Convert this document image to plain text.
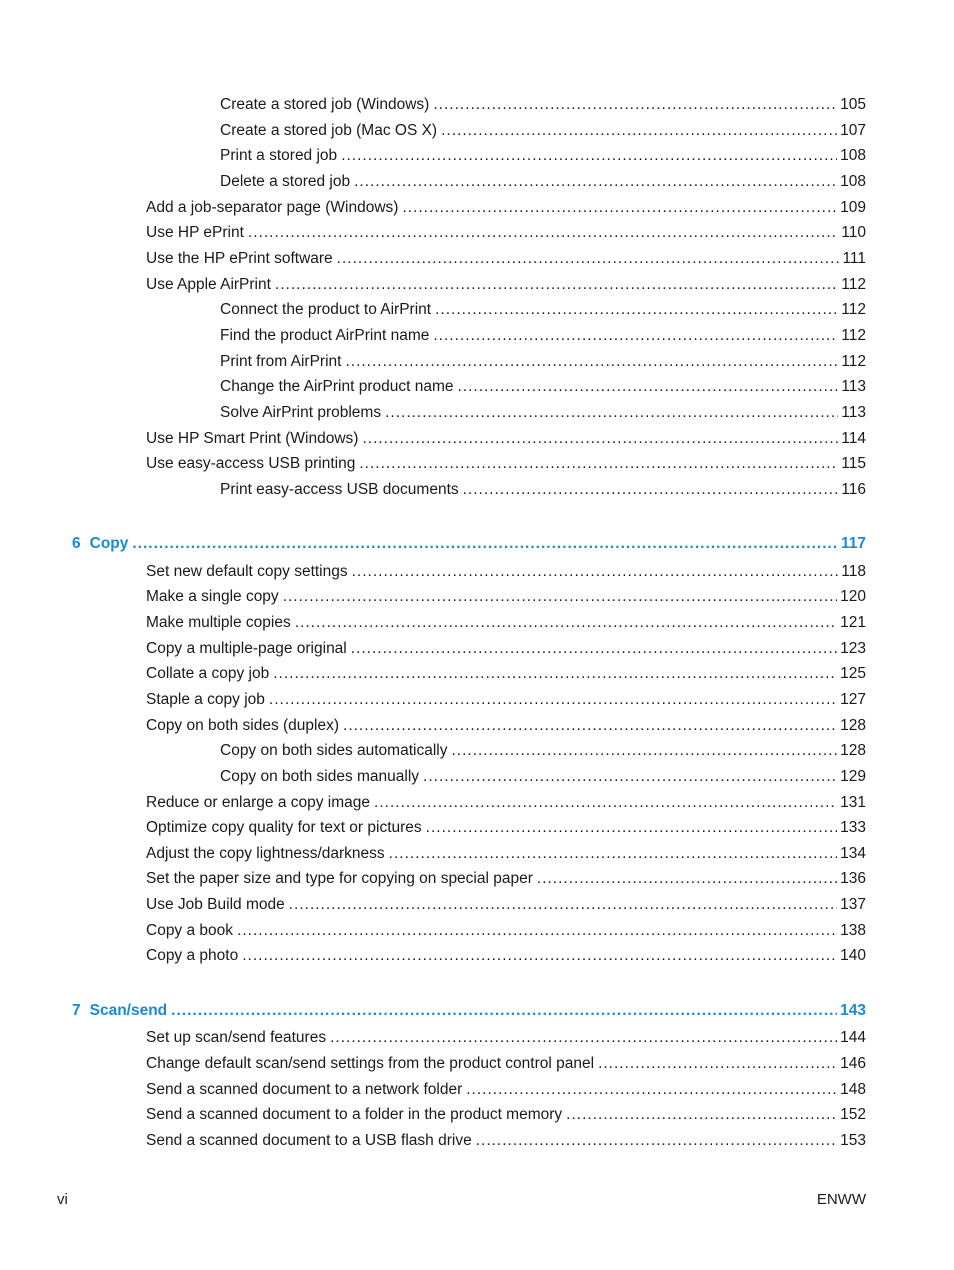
Create a stored job (Windows) .....	105
Create a stored job (Mac OS X) .....	107
Print a stored job .....	108
Delete a stored job .....	108
Add a job-separator page (Windows) .....	109
Use HP ePrint .....	110
Use the HP ePrint software .....	111
Use Apple AirPrint .....	112
Connect the product to AirPrint .....	112
Find the product AirPrint name .....	112
Print from AirPrint .....	112
Change the AirPrint product name .....	113
Solve AirPrint problems .....	113
Use HP Smart Print (Windows) .....	114
Use easy-access USB printing .....	115
Print easy-access USB documents .....	116
6 Copy .....	117
Set new default copy settings .....	118
Make a single copy .....	120
Make multiple copies .....	121
Copy a multiple-page original .....	123
Collate a copy job .....	125
Staple a copy job .....	127
Copy on both sides (duplex) .....	128
Copy on both sides automatically .....	128
Copy on both sides manually .....	129
Reduce or enlarge a copy image .....	131
Optimize copy quality for text or pictures .....	133
Adjust the copy lightness/darkness .....	134
Set the paper size and type for copying on special paper .....	136
Use Job Build mode .....	137
Copy a book .....	138
Copy a photo .....	140
7 Scan/send .....	143
Set up scan/send features .....	144
Change default scan/send settings from the product control panel .....	146
Send a scanned document to a network folder .....	148
Send a scanned document to a folder in the product memory .....	152
Send a scanned document to a USB flash drive .....	153
vi	ENWW
